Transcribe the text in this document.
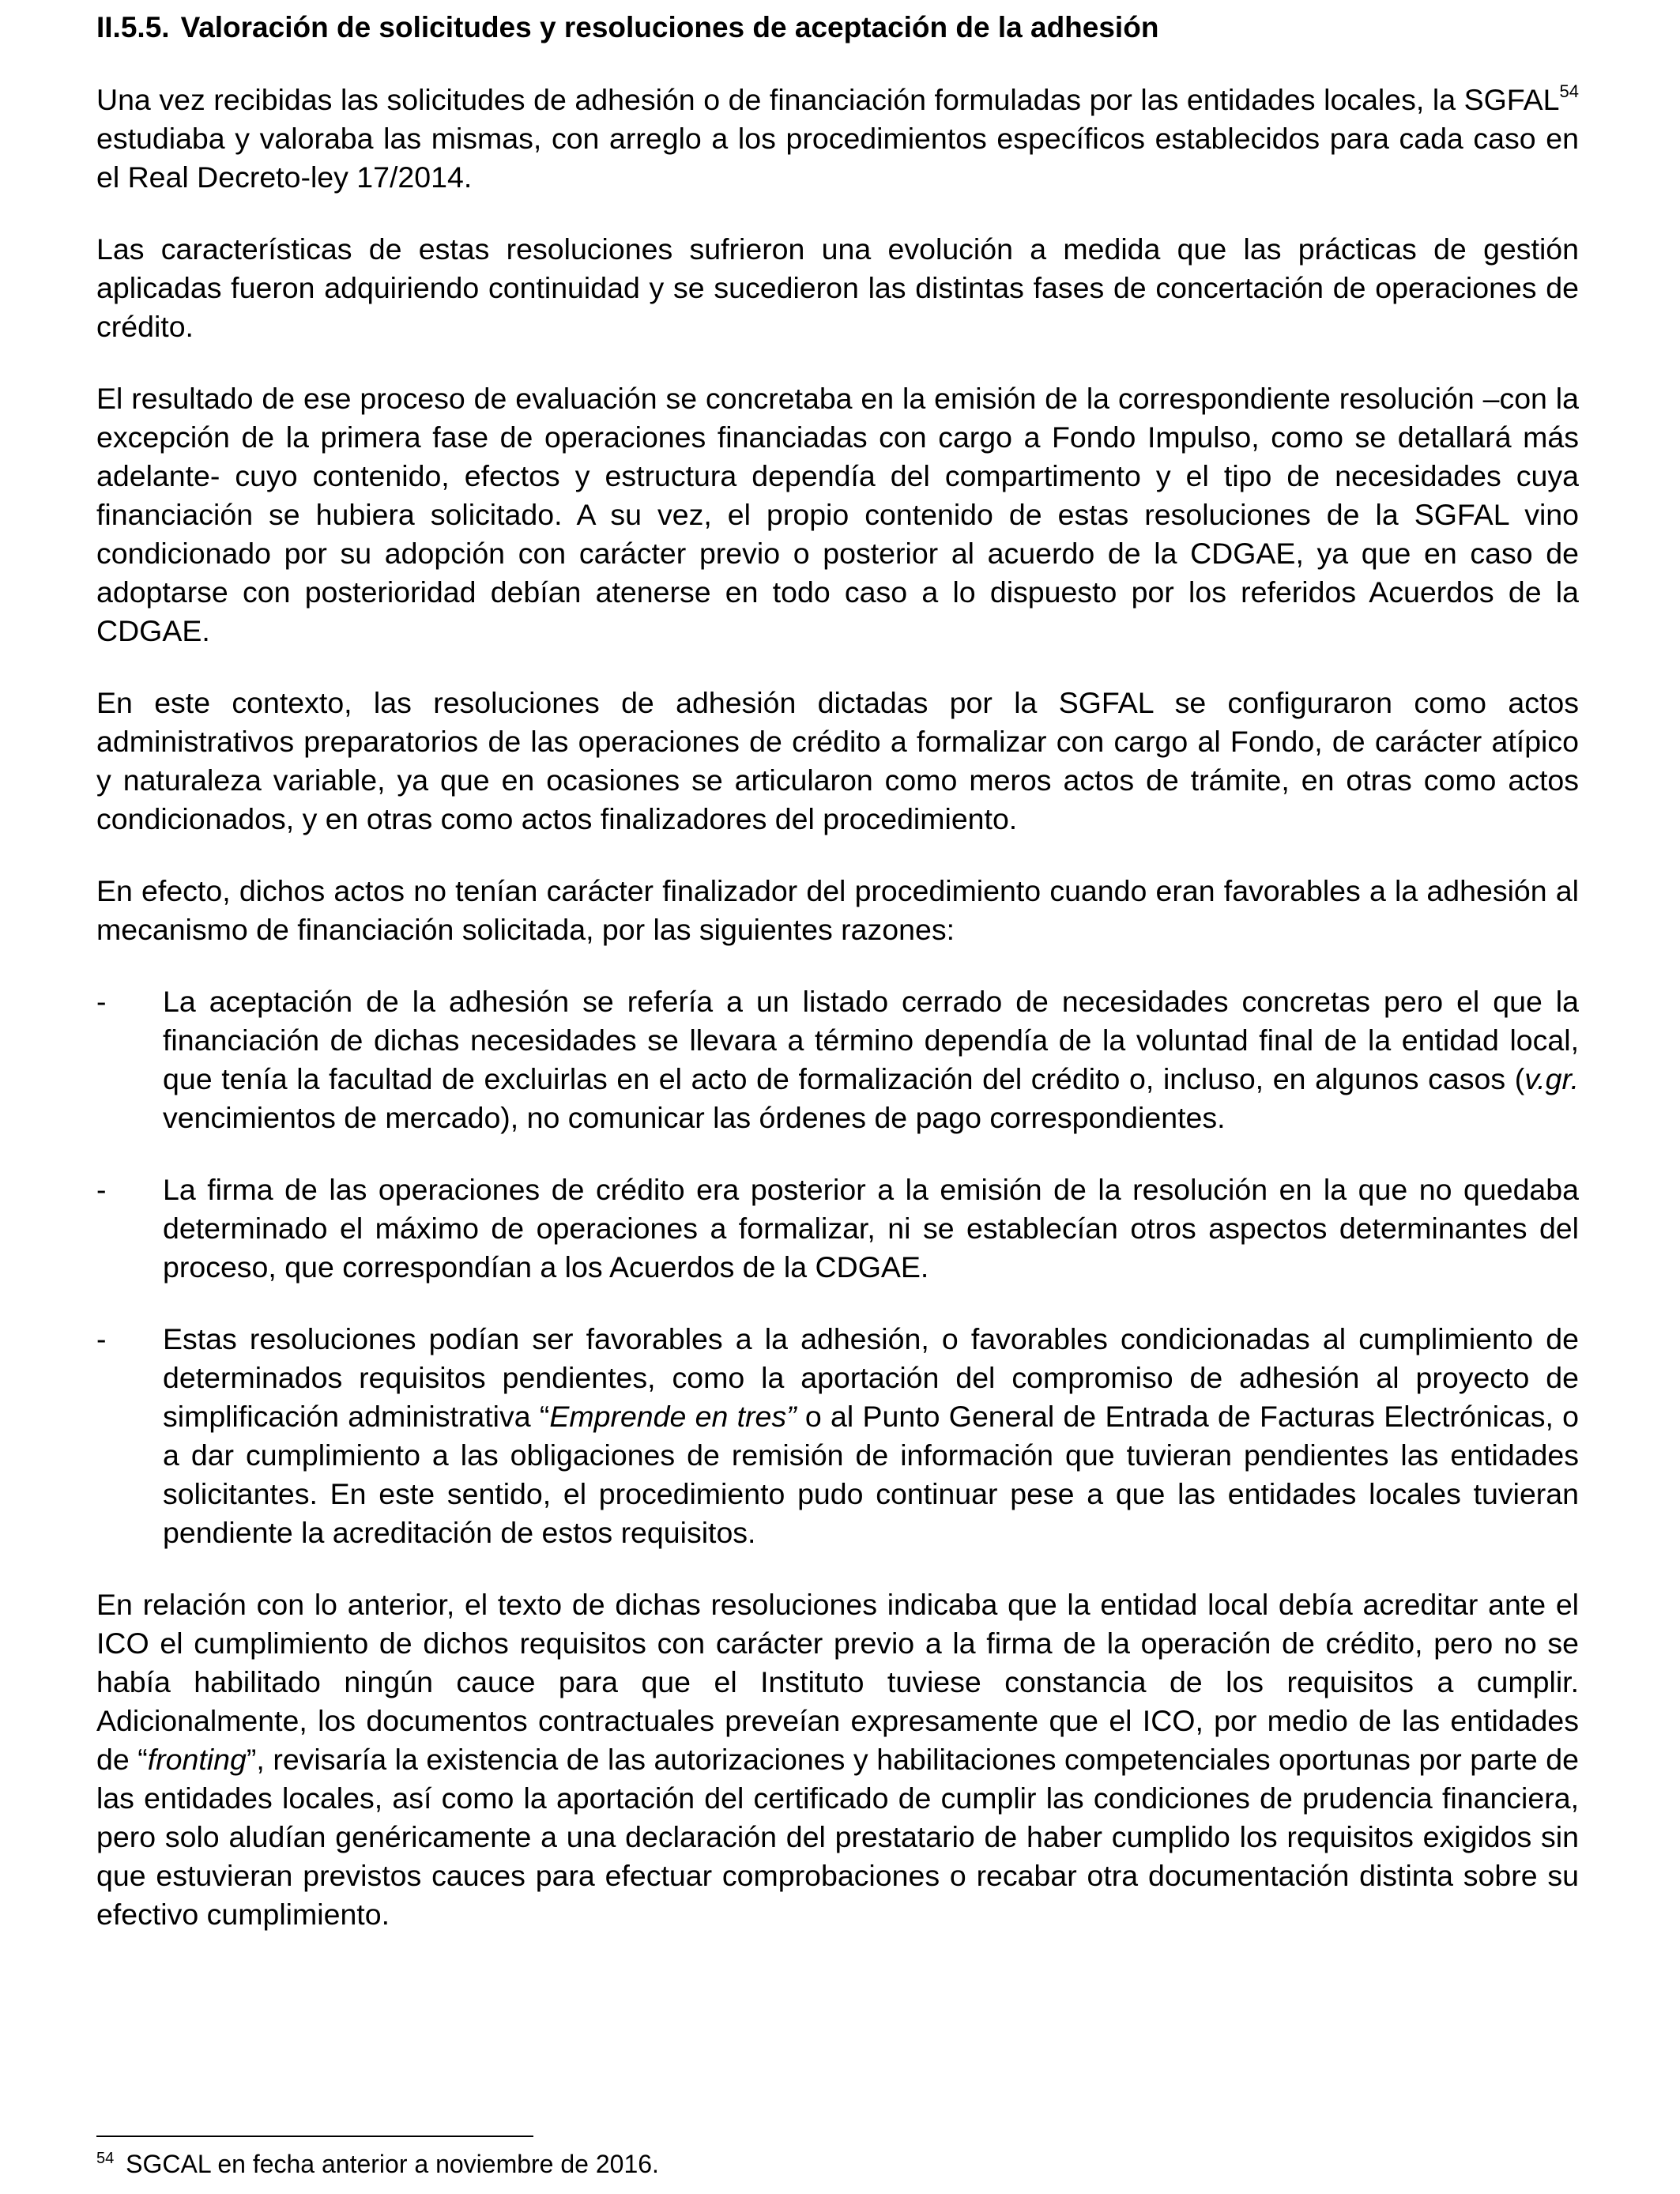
II.5.5. Valoración de solicitudes y resoluciones de aceptación de la adhesión

Una vez recibidas las solicitudes de adhesión o de financiación formuladas por las entidades locales, la SGFAL$^{54}$ estudiaba y valoraba las mismas, con arreglo a los procedimientos específicos establecidos para cada caso en el Real Decreto-ley 17/2014.

Las características de estas resoluciones sufrieron una evolución a medida que las prácticas de gestión aplicadas fueron adquiriendo continuidad y se sucedieron las distintas fases de concertación de operaciones de crédito.

El resultado de ese proceso de evaluación se concretaba en la emisión de la correspondiente resolución –con la excepción de la primera fase de operaciones financiadas con cargo a Fondo Impulso, como se detallará más adelante- cuyo contenido, efectos y estructura dependía del compartimento y el tipo de necesidades cuya financiación se hubiera solicitado. A su vez, el propio contenido de estas resoluciones de la SGFAL vino condicionado por su adopción con carácter previo o posterior al acuerdo de la CDGAE, ya que en caso de adoptarse con posterioridad debían atenerse en todo caso a lo dispuesto por los referidos Acuerdos de la CDGAE.

En este contexto, las resoluciones de adhesión dictadas por la SGFAL se configuraron como actos administrativos preparatorios de las operaciones de crédito a formalizar con cargo al Fondo, de carácter atípico y naturaleza variable, ya que en ocasiones se articularon como meros actos de trámite, en otras como actos condicionados, y en otras como actos finalizadores del procedimiento.

En efecto, dichos actos no tenían carácter finalizador del procedimiento cuando eran favorables a la adhesión al mecanismo de financiación solicitada, por las siguientes razones:

- La aceptación de la adhesión se refería a un listado cerrado de necesidades concretas pero el que la financiación de dichas necesidades se llevara a término dependía de la voluntad final de la entidad local, que tenía la facultad de excluirlas en el acto de formalización del crédito o, incluso, en algunos casos (v.gr. vencimientos de mercado), no comunicar las órdenes de pago correspondientes.
- La firma de las operaciones de crédito era posterior a la emisión de la resolución en la que no quedaba determinado el máximo de operaciones a formalizar, ni se establecían otros aspectos determinantes del proceso, que correspondían a los Acuerdos de la CDGAE.
- Estas resoluciones podían ser favorables a la adhesión, o favorables condicionadas al cumplimiento de determinados requisitos pendientes, como la aportación del compromiso de adhesión al proyecto de simplificación administrativa “Emprende en tres” o al Punto General de Entrada de Facturas Electrónicas, o a dar cumplimiento a las obligaciones de remisión de información que tuvieran pendientes las entidades solicitantes. En este sentido, el procedimiento pudo continuar pese a que las entidades locales tuvieran pendiente la acreditación de estos requisitos.

En relación con lo anterior, el texto de dichas resoluciones indicaba que la entidad local debía acreditar ante el ICO el cumplimiento de dichos requisitos con carácter previo a la firma de la operación de crédito, pero no se había habilitado ningún cauce para que el Instituto tuviese constancia de los requisitos a cumplir. Adicionalmente, los documentos contractuales preveían expresamente que el ICO, por medio de las entidades de “fronting”, revisaría la existencia de las autorizaciones y habilitaciones competenciales oportunas por parte de las entidades locales, así como la aportación del certificado de cumplir las condiciones de prudencia financiera, pero solo aludían genéricamente a una declaración del prestatario de haber cumplido los requisitos exigidos sin que estuvieran previstos cauces para efectuar comprobaciones o recabar otra documentación distinta sobre su efectivo cumplimiento.

$^{54}$ SGCAL en fecha anterior a noviembre de 2016.
